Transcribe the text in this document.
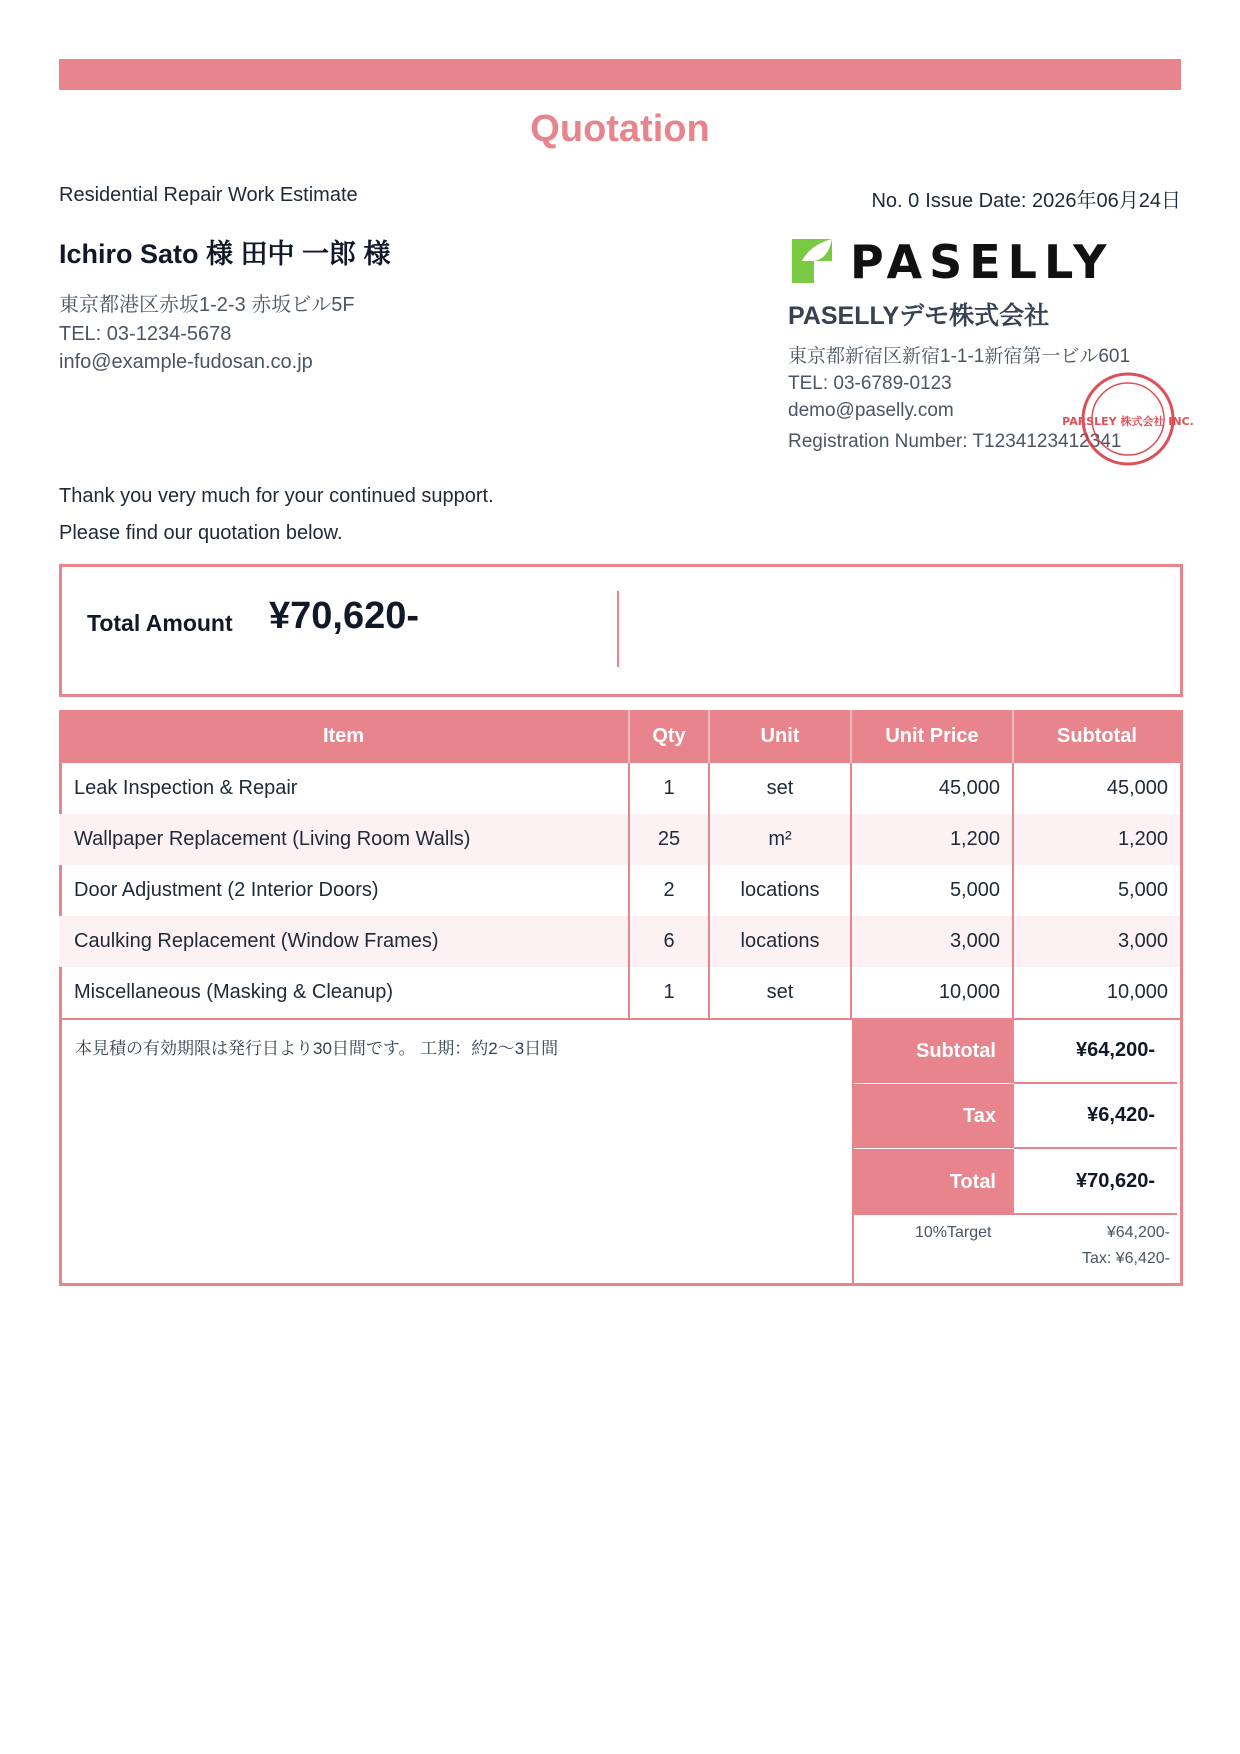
Quotation
Residential Repair Work Estimate	No. 0 Issue Date: 2026年06月24日
Ichiro Sato 様 田中 一郎 様
東京都港区赤坂1-2-3 赤坂ビル5F
TEL: 03-1234-5678
info@example-fudosan.co.jp
PASELLY
PASELLYデモ株式会社
東京都新宿区新宿1-1-1新宿第一ビル601
TEL: 03-6789-0123
demo@paselly.com
Registration Number: T1234123412341
PARSLEY 株式会社 INC.
Thank you very much for your continued support.
Please find our quotation below.
Total Amount ¥70,620-
Item	Qty	Unit	Unit Price	Subtotal
Leak Inspection & Repair	1	set	45,000	45,000
Wallpaper Replacement (Living Room Walls)	25	m²	1,200	1,200
Door Adjustment (2 Interior Doors)	2	locations	5,000	5,000
Caulking Replacement (Window Frames)	6	locations	3,000	3,000
Miscellaneous (Masking & Cleanup)	1	set	10,000	10,000
本見積の有効期限は発行日より30日間です。 工期：約2〜3日間	Subtotal	¥64,200-
Tax	¥6,420-
Total	¥70,620-
10%Target	¥64,200-
Tax: ¥6,420-
